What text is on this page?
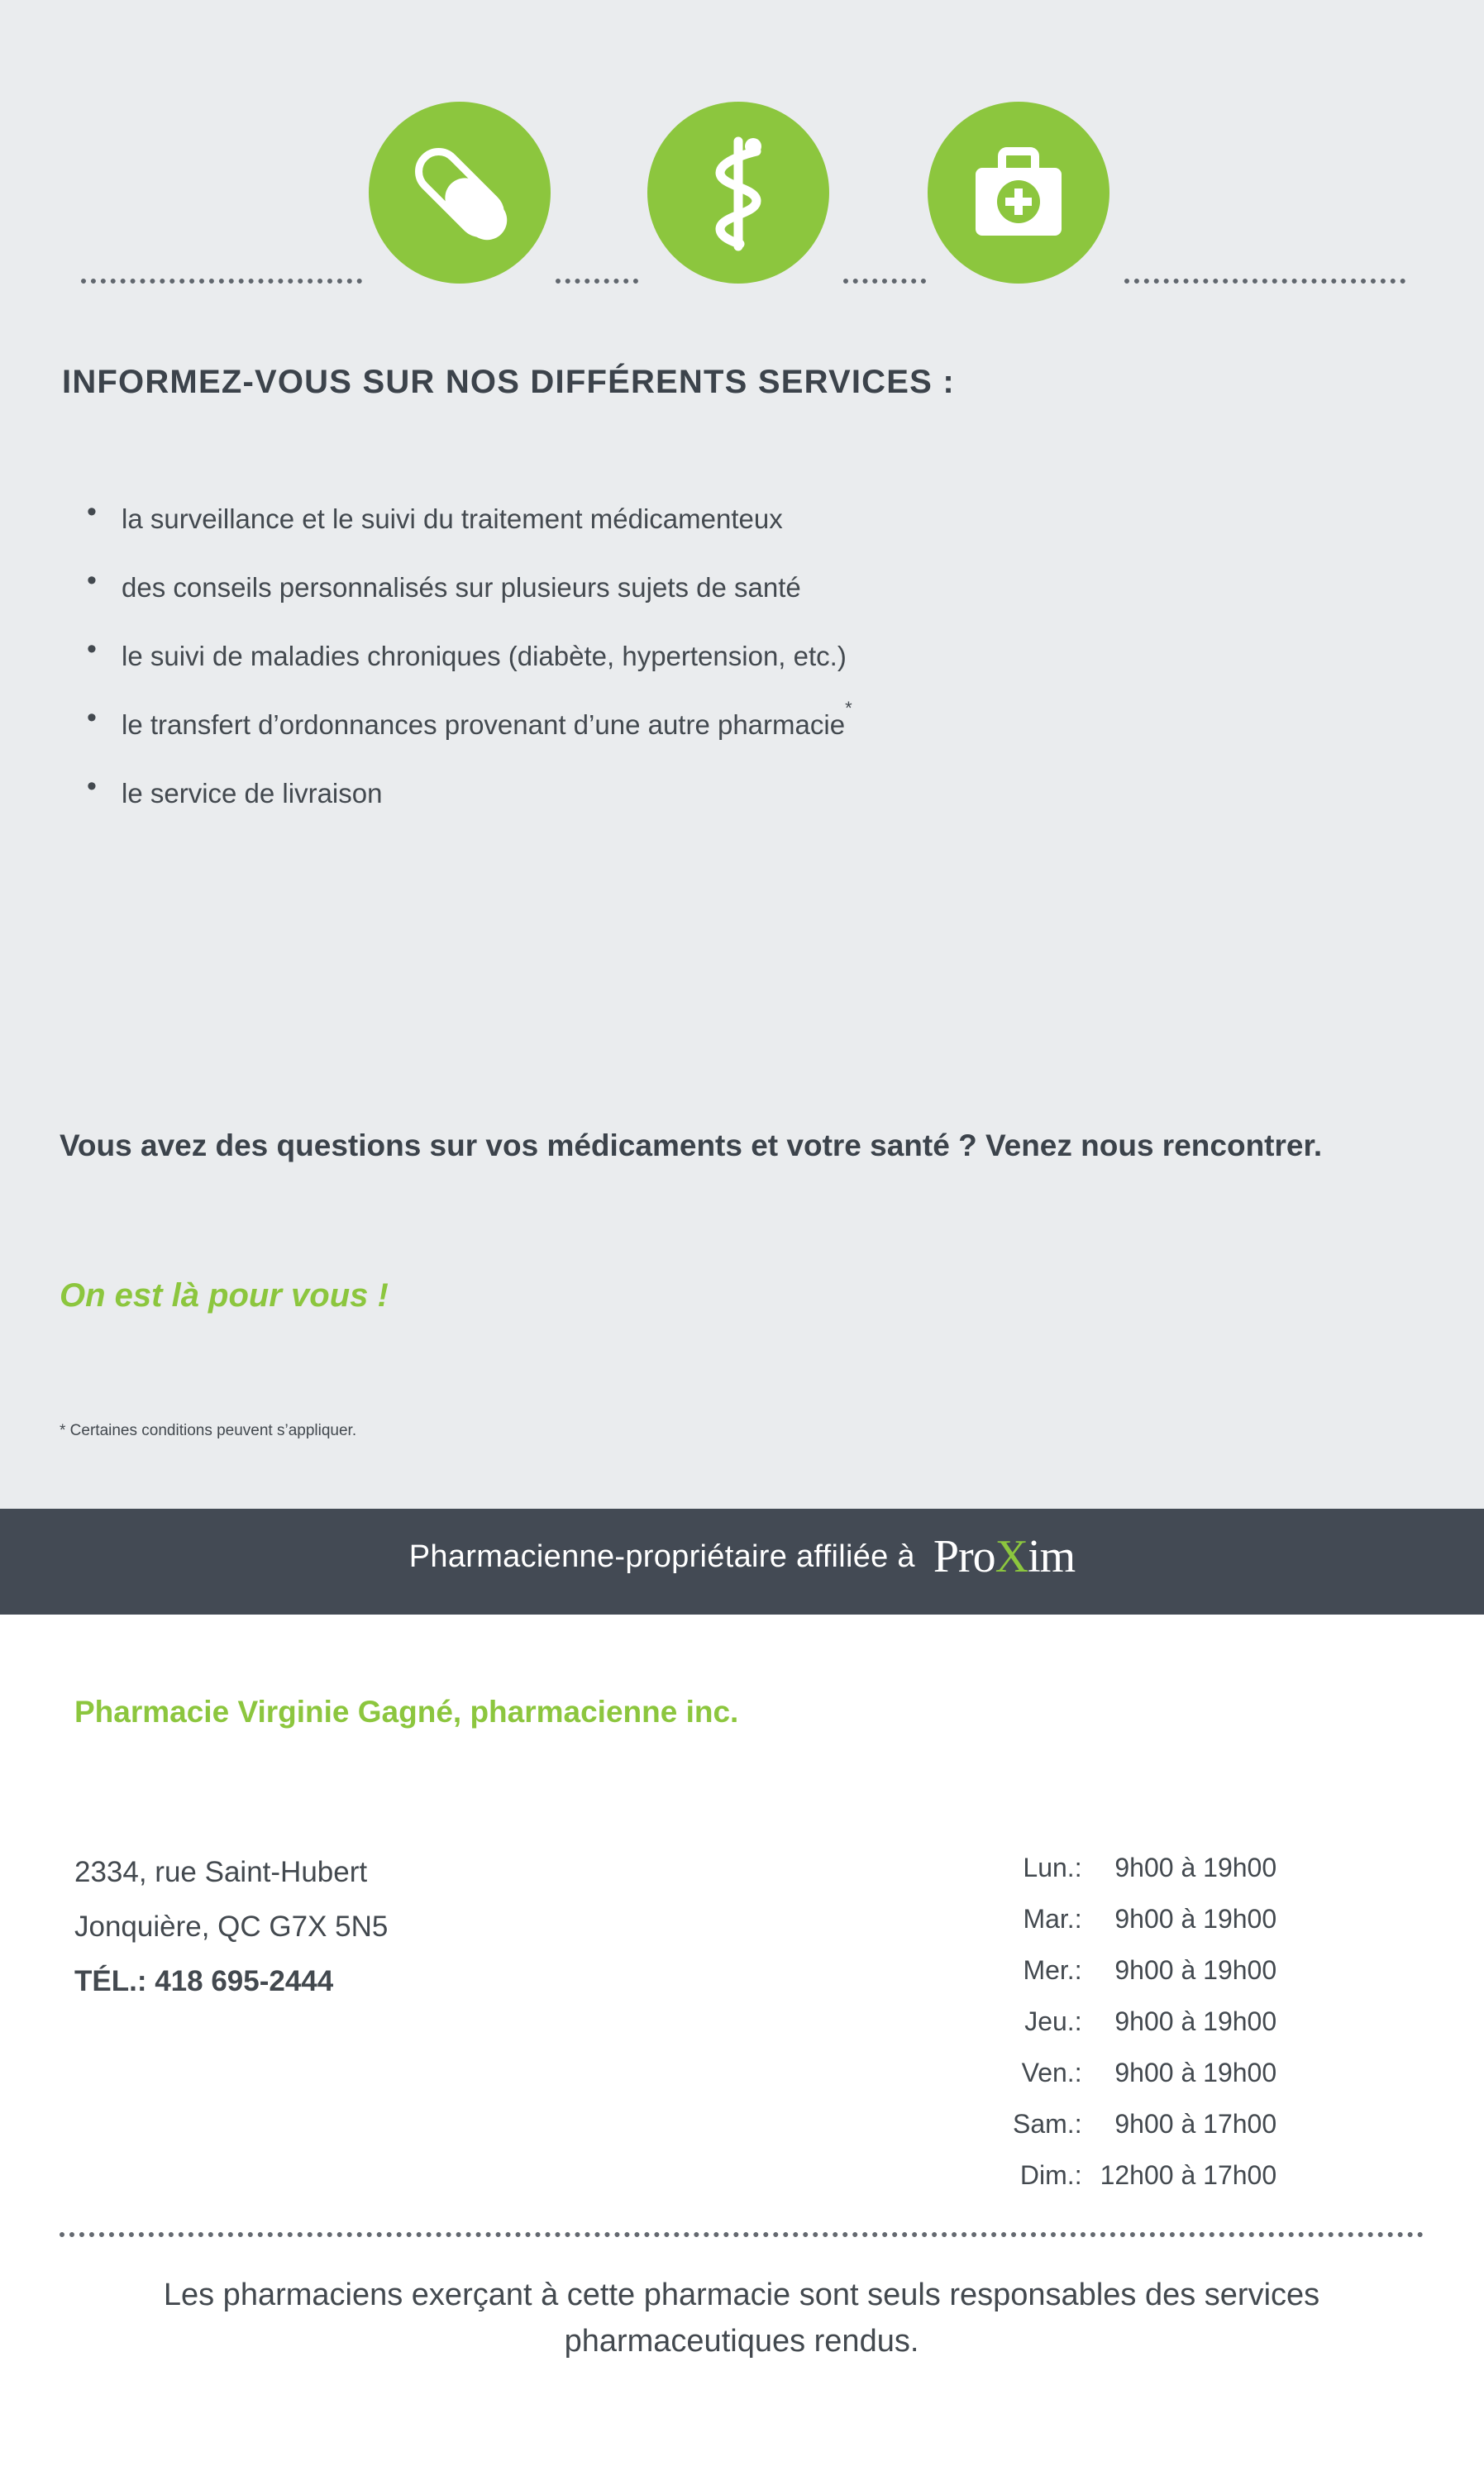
INFORMEZ-VOUS SUR NOS DIFFÉRENTS SERVICES :
• la surveillance et le suivi du traitement médicamenteux
• des conseils personnalisés sur plusieurs sujets de santé
• le suivi de maladies chroniques (diabète, hypertension, etc.)
• le transfert d’ordonnances provenant d’une autre pharmacie*
• le service de livraison
Vous avez des questions sur vos médicaments et votre santé ? Venez nous rencontrer.
On est là pour vous !
* Certaines conditions peuvent s’appliquer.
Pharmacienne-propriétaire affiliée à ProXim
Pharmacie Virginie Gagné, pharmacienne inc.
2334, rue Saint-Hubert
Jonquière, QC G7X 5N5
TÉL.: 418 695-2444
Lun.:	9h00 à 19h00
Mar.:	9h00 à 19h00
Mer.:	9h00 à 19h00
Jeu.:	9h00 à 19h00
Ven.:	9h00 à 19h00
Sam.:	9h00 à 17h00
Dim.:	12h00 à 17h00
Les pharmaciens exerçant à cette pharmacie sont seuls responsables des services pharmaceutiques rendus.
